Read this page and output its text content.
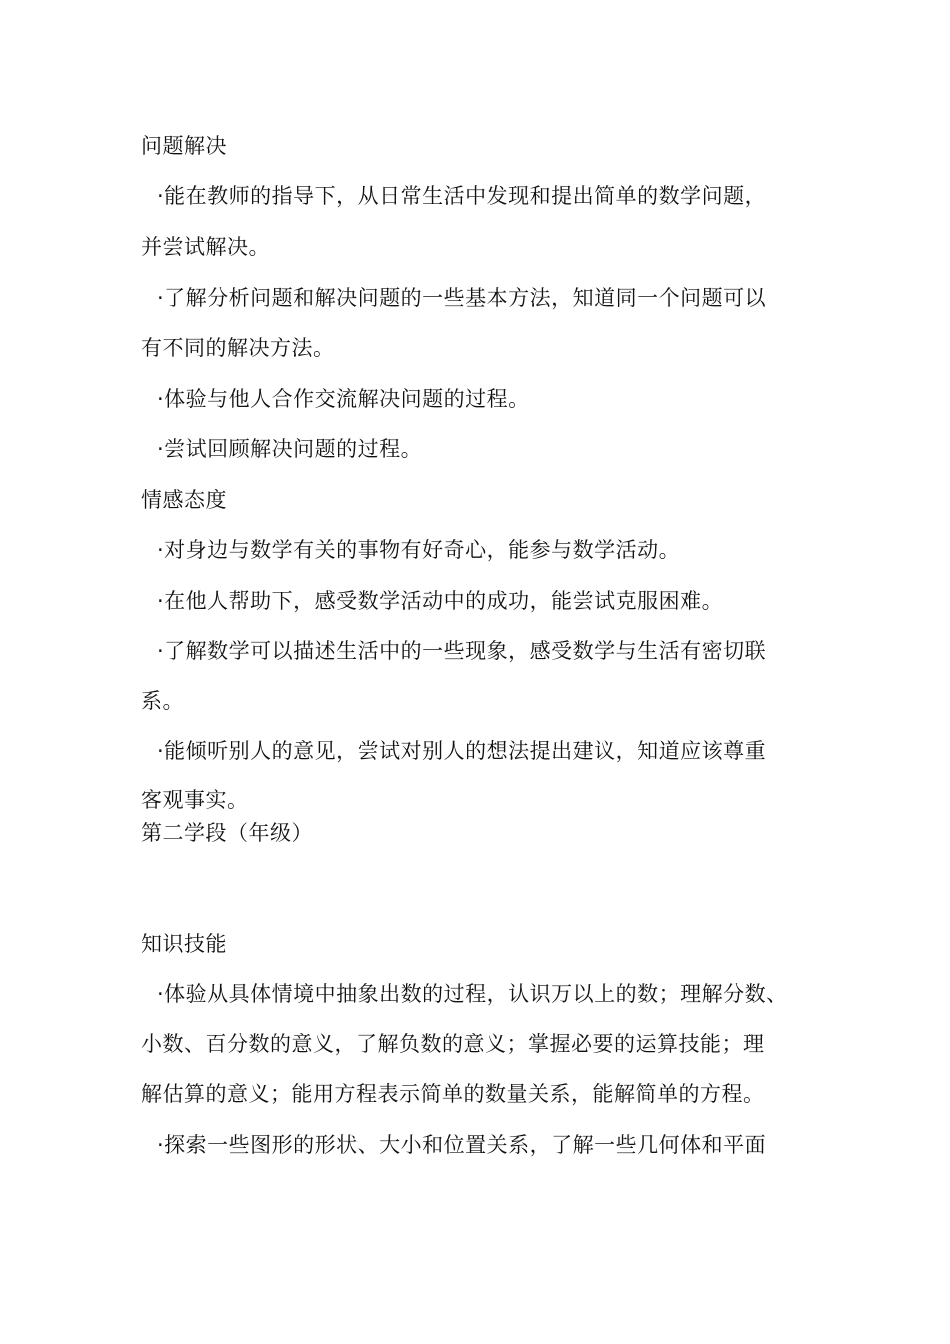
问题解决
·能在教师的指导下，从日常生活中发现和提出简单的数学问题，
并尝试解决。
·了解分析问题和解决问题的一些基本方法，知道同一个问题可以
有不同的解决方法。
·体验与他人合作交流解决问题的过程。
·尝试回顾解决问题的过程。
情感态度
·对身边与数学有关的事物有好奇心，能参与数学活动。
·在他人帮助下，感受数学活动中的成功，能尝试克服困难。
·了解数学可以描述生活中的一些现象，感受数学与生活有密切联
系。
·能倾听别人的意见，尝试对别人的想法提出建议，知道应该尊重
客观事实。
第二学段（年级）
知识技能
·体验从具体情境中抽象出数的过程，认识万以上的数；理解分数、
小数、百分数的意义，了解负数的意义；掌握必要的运算技能；理
解估算的意义；能用方程表示简单的数量关系，能解简单的方程。
·探索一些图形的形状、大小和位置关系，了解一些几何体和平面
